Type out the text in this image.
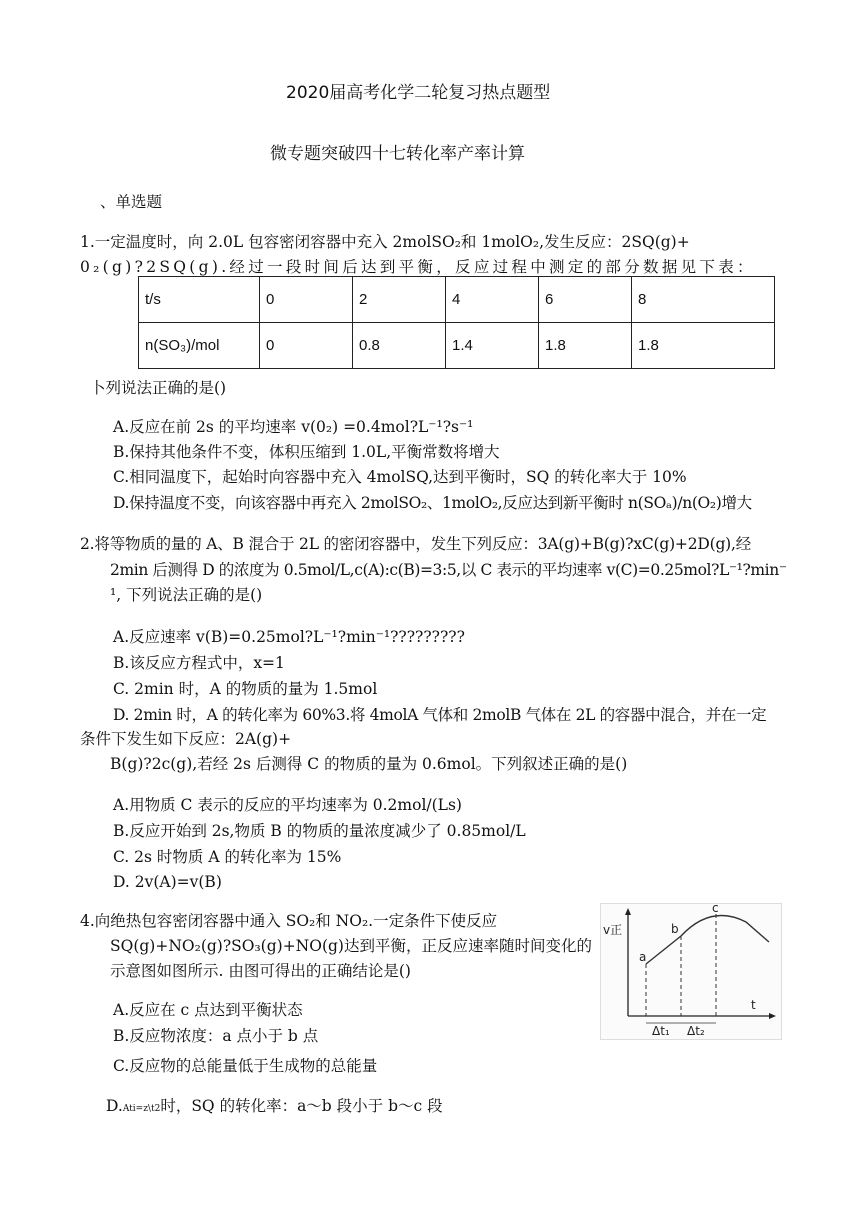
2020届高考化学二轮复习热点题型
微专题突破四十七转化率产率计算
、单选题
1.一定温度时，向 2.0L 包容密闭容器中充入 2molSO₂和 1molO₂,发生反应：2SQ(g)+
0₂(g)?2SQ(g).经过一段时间后达到平衡，反应过程中测定的部分数据见下表：
t/s	0	2	4	6	8
n(SO₃)/mol	0	0.8	1.4	1.8	1.8
卜列说法正确的是()
A.反应在前 2s 的平均速率 v(0₂) =0.4mol?L⁻¹?s⁻¹
B.保持其他条件不变，体积压缩到 1.0L,平衡常数将增大
C.相同温度下，起始时向容器中充入 4molSQ,达到平衡时，SQ 的转化率大于 10%
D.保持温度不变，向该容器中再充入 2molSO₂、1molO₂,反应达到新平衡时 n(SOₐ)/n(O₂)增大
2.将等物质的量的 A、B 混合于 2L 的密闭容器中，发生下列反应：3A(g)+B(g)?xC(g)+2D(g),经
2min 后测得 D 的浓度为 0.5mol/L,c(A):c(B)=3:5,以 C 表示的平均速率 v(C)=0.25mol?L⁻¹?min⁻
¹, 下列说法正确的是()
A.反应速率 v(B)=0.25mol?L⁻¹?min⁻¹?????????
B.该反应方程式中，x=1
C. 2min 时，A 的物质的量为 1.5mol
D. 2min 时，A 的转化率为 60%3.将 4molA 气体和 2molB 气体在 2L 的容器中混合，并在一定
条件下发生如下反应：2A(g)+
B(g)?2c(g),若经 2s 后测得 C 的物质的量为 0.6mol。下列叙述正确的是()
A.用物质 C 表示的反应的平均速率为 0.2mol/(Ls)
B.反应开始到 2s,物质 B 的物质的量浓度减少了 0.85mol/L
C. 2s 时物质 A 的转化率为 15%
D. 2v(A)=v(B)
4.向绝热包容密闭容器中通入 SO₂和 NO₂.一定条件下使反应
SQ(g)+NO₂(g)?SO₃(g)+NO(g)达到平衡，正反应速率随时间变化的
示意图如图所示. 由图可得出的正确结论是()
A.反应在 c 点达到平衡状态
B.反应物浓度：a 点小于 b 点
C.反应物的总能量低于生成物的总能量
D.Ati=z\t2时，SQ 的转化率：a～b 段小于 b～c 段
v正
t
a
b
c
Δt₁ Δt₂
